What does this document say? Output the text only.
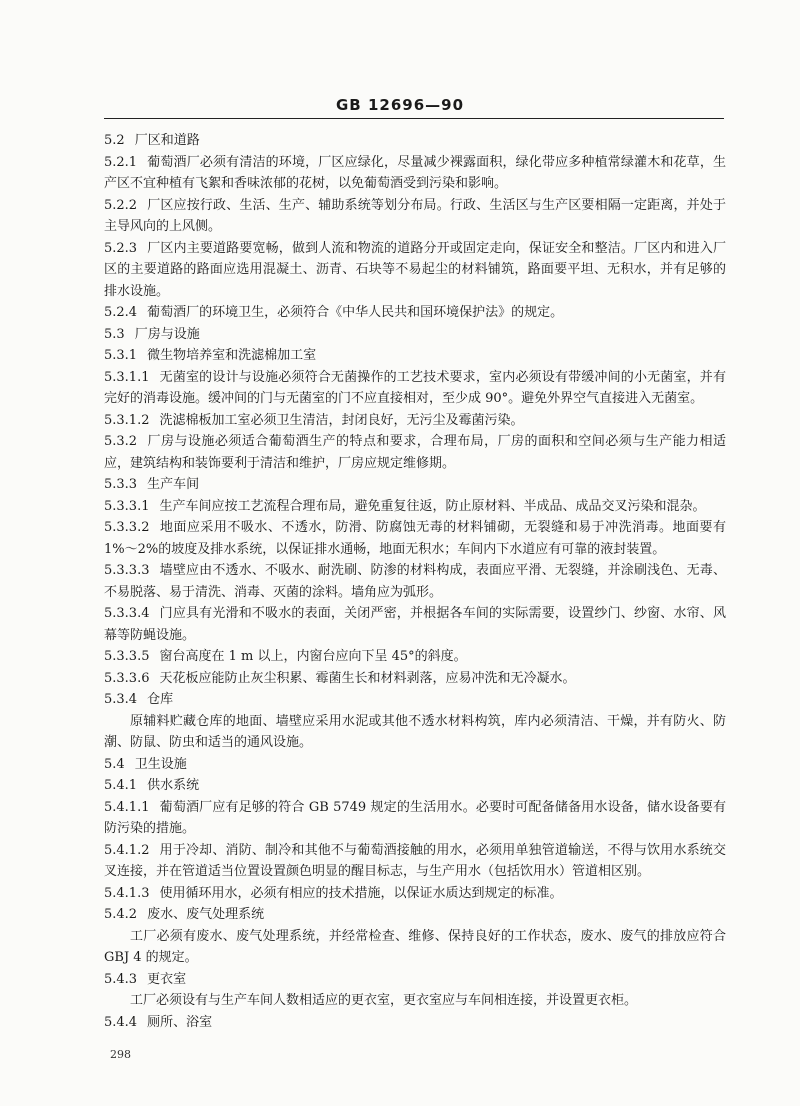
GB 12696—90

5.2 厂区和道路

5.2.1 葡萄酒厂必须有清洁的环境，厂区应绿化，尽量减少裸露面积，绿化带应多种植常绿灌木和花草，生产区不宜种植有飞絮和香味浓郁的花树，以免葡萄酒受到污染和影响。

5.2.2 厂区应按行政、生活、生产、辅助系统等划分布局。行政、生活区与生产区要相隔一定距离，并处于主导风向的上风侧。

5.2.3 厂区内主要道路要宽畅，做到人流和物流的道路分开或固定走向，保证安全和整洁。厂区内和进入厂区的主要道路的路面应选用混凝土、沥青、石块等不易起尘的材料铺筑，路面要平坦、无积水，并有足够的排水设施。

5.2.4 葡萄酒厂的环境卫生，必须符合《中华人民共和国环境保护法》的规定。

5.3 厂房与设施

5.3.1 微生物培养室和洗滤棉加工室

5.3.1.1 无菌室的设计与设施必须符合无菌操作的工艺技术要求，室内必须设有带缓冲间的小无菌室，并有完好的消毒设施。缓冲间的门与无菌室的门不应直接相对，至少成 90°。避免外界空气直接进入无菌室。

5.3.1.2 洗滤棉板加工室必须卫生清洁，封闭良好，无污尘及霉菌污染。

5.3.2 厂房与设施必须适合葡萄酒生产的特点和要求，合理布局，厂房的面积和空间必须与生产能力相适应，建筑结构和装饰要利于清洁和维护，厂房应规定维修期。

5.3.3 生产车间

5.3.3.1 生产车间应按工艺流程合理布局，避免重复往返，防止原材料、半成品、成品交叉污染和混杂。

5.3.3.2 地面应采用不吸水、不透水，防滑、防腐蚀无毒的材料铺砌，无裂缝和易于冲洗消毒。地面要有1%～2%的坡度及排水系统，以保证排水通畅，地面无积水；车间内下水道应有可靠的液封装置。

5.3.3.3 墙壁应由不透水、不吸水、耐洗刷、防渗的材料构成，表面应平滑、无裂缝，并涂刷浅色、无毒、不易脱落、易于清洗、消毒、灭菌的涂料。墙角应为弧形。

5.3.3.4 门应具有光滑和不吸水的表面，关闭严密，并根据各车间的实际需要，设置纱门、纱窗、水帘、风幕等防蝇设施。

5.3.3.5 窗台高度在 1 m 以上，内窗台应向下呈 45°的斜度。

5.3.3.6 天花板应能防止灰尘积累、霉菌生长和材料剥落，应易冲洗和无冷凝水。

5.3.4 仓库

原辅料贮藏仓库的地面、墙壁应采用水泥或其他不透水材料构筑，库内必须清洁、干燥，并有防火、防潮、防鼠、防虫和适当的通风设施。

5.4 卫生设施

5.4.1 供水系统

5.4.1.1 葡萄酒厂应有足够的符合 GB 5749 规定的生活用水。必要时可配备储备用水设备，储水设备要有防污染的措施。

5.4.1.2 用于冷却、消防、制冷和其他不与葡萄酒接触的用水，必须用单独管道输送，不得与饮用水系统交叉连接，并在管道适当位置设置颜色明显的醒目标志，与生产用水（包括饮用水）管道相区别。

5.4.1.3 使用循环用水，必须有相应的技术措施，以保证水质达到规定的标准。

5.4.2 废水、废气处理系统

工厂必须有废水、废气处理系统，并经常检查、维修、保持良好的工作状态，废水、废气的排放应符合 GBJ 4 的规定。

5.4.3 更衣室

工厂必须设有与生产车间人数相适应的更衣室，更衣室应与车间相连接，并设置更衣柜。

5.4.4 厕所、浴室

298
